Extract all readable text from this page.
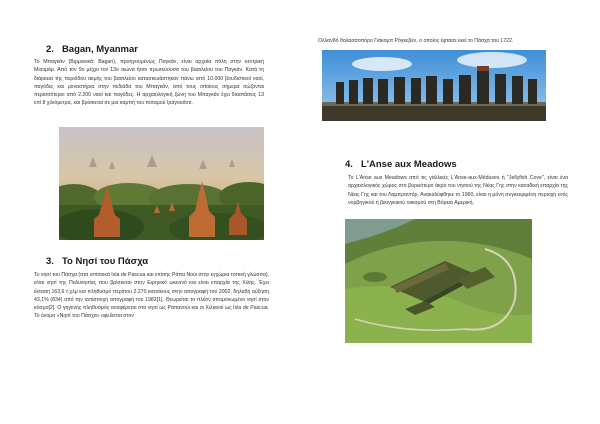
2. Bagan, Myanmar
Το Μπαγκάν (Βιρμανικά: Bagan), προηγουμένως Παγκάν, είναι αρχαία πόλη στην κεντρική Μιανμάρ. Από τον 9ο μέχρι τον 13ο αιώνα ήταν πρωτεύουσα του βασιλείου του Παγκάν. Κατά τη διάρκεια της περιόδου ακμής του βασιλείου κατασκευάστηκαν πάνω από 10.000 βουδιστικοί ναοί, παγόδες και μοναστήρια στην πεδιάδα του Μπαγκάν, από τους οποίους σήμερα σώζονται περισσότεροι από 2.200 ναοί και παγόδες. Η αρχαιολογική ζώνη του Μπαγκάν έχει διαστάσεις 13 επί 8 χιλιόμετρα, και βρίσκεται σε μια καμπή του ποταμού Ιραγουάντι.
3. Το Νησί του Πάσχα
Το νησί του Πάσχα (στα ισπανικά Isla de Pascua και επίσης Ράπα Νούι στην εγχώρια τοπική γλώσσα), είναι νησί της Πολυνησίας που βρίσκεται στον Ειρηνικό ωκεανό και είναι επαρχία της Χιλής. Έχει έκταση 163,6 τ.χλμ και πληθυσμό περίπου 2.270 κατοίκους στην απογραφή του 2002, δηλαδή αύξηση 43,1% (834) από την αντίστοιχη απογραφή του 1982[1]. Θεωρείται το πλέον απομονωμένο νησί στον κόσμο[2]. Ο γηγενής πληθυσμός αναφέρεται στο νησί ως Ραπανούι και οι Χιλιανοί ως Isla de Pascua. Το όνομα «Νησί του Πάσχα» οφείλεται στον
Ολλανδό θαλασσοπόρο Γιάκομπ Ρόγκεβεν, ο οποίος έφτασε εκεί το Πάσχα του 1722.
4. L'Anse aux Meadows
Το L'Anse aux Meadows από τις γαλλικές L'Anse-aux-Méduses ή "Jellyfish Cove", είναι ένα αρχαιολογικός χώρος στο βορειότερο άκρο του νησιού της Νέας Γης στην καναδική επαρχία της Νέας Γης και του Λαμπραντόρ. Ανακαλύφθηκε το 1960, είναι η μόνη συγκεκριμένη περιοχή ενός νορβηγικού ή βικινγκικού οικισμού στη Βόρεια Αμερική.
